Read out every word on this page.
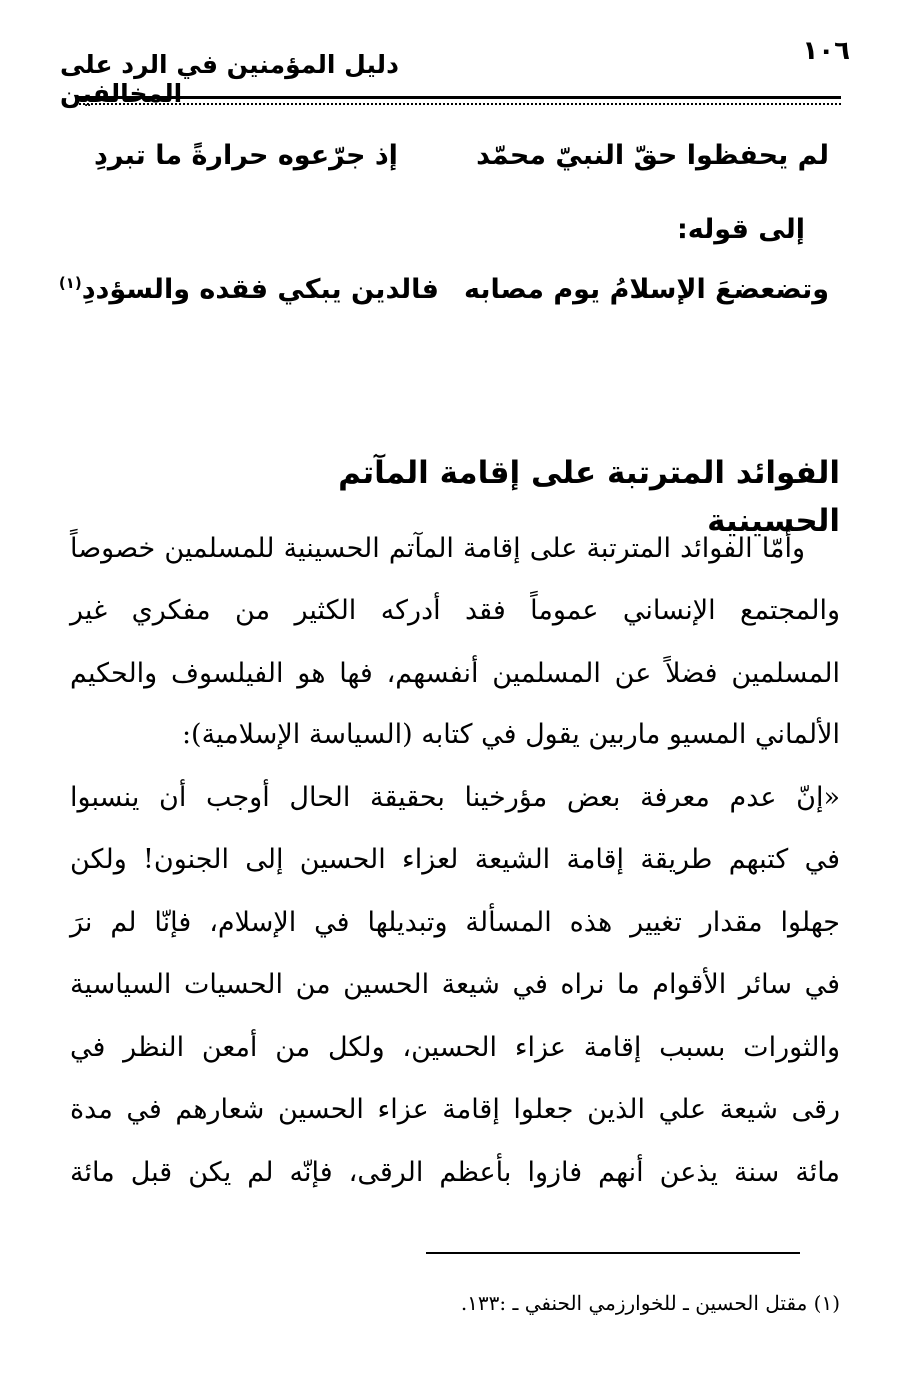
١٠٦
دليل المؤمنين في الرد على المخالفين
لم يحفظوا حقّ النبيّ محمّد
إذ جرّعوه حرارةً ما تبردِ
إلى قوله:
وتضعضعَ الإسلامُ يوم مصابه
فالدين يبكي فقده والسؤددِ$^{(١)}$
الفوائد المترتبة على إقامة المآتم الحسينية
وأمّا الفوائد المترتبة على إقامة المآتم الحسينية للمسلمين خصوصاً
والمجتمع الإنساني عموماً فقد أدركه الكثير من مفكري غير
المسلمين فضلاً عن المسلمين أنفسهم، فها هو الفيلسوف والحكيم
الألماني المسيو ماربين يقول في كتابه (السياسة الإسلامية):
«إنّ عدم معرفة بعض مؤرخينا بحقيقة الحال أوجب أن ينسبوا
في كتبهم طريقة إقامة الشيعة لعزاء الحسين إلى الجنون! ولكن
جهلوا مقدار تغيير هذه المسألة وتبديلها في الإسلام، فإنّا لم نرَ
في سائر الأقوام ما نراه في شيعة الحسين من الحسيات السياسية
والثورات بسبب إقامة عزاء الحسين، ولكل من أمعن النظر في
رقى شيعة علي الذين جعلوا إقامة عزاء الحسين شعارهم في مدة
مائة سنة يذعن أنهم فازوا بأعظم الرقى، فإنّه لم يكن قبل مائة
(١) مقتل الحسين ـ للخوارزمي الحنفي ـ :١٣٣.
